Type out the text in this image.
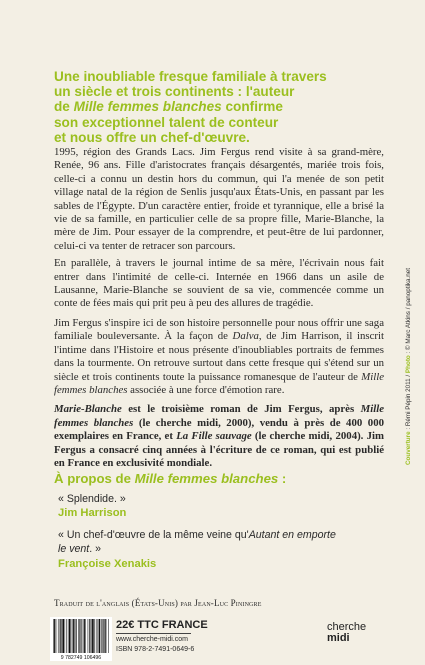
Une inoubliable fresque familiale à travers
un siècle et trois continents : l'auteur
de Mille femmes blanches confirme
son exceptionnel talent de conteur
et nous offre un chef-d'œuvre.

1995, région des Grands Lacs. Jim Fergus rend visite à sa grand-mère, Renée, 96 ans. Fille d'aristocrates français désargentés, mariée trois fois, celle-ci a connu un destin hors du commun, qui l'a menée de son petit village natal de la région de Senlis jusqu'aux États-Unis, en passant par les sables de l'Égypte. D'un caractère entier, froide et tyrannique, elle a brisé la vie de sa famille, en particulier celle de sa propre fille, Marie-Blanche, la mère de Jim. Pour essayer de la comprendre, et peut-être de lui pardonner, celui-ci va tenter de retracer son parcours.

En parallèle, à travers le journal intime de sa mère, l'écrivain nous fait entrer dans l'intimité de celle-ci. Internée en 1966 dans un asile de Lausanne, Marie-Blanche se souvient de sa vie, commencée comme un conte de fées mais qui prit peu à peu des allures de tragédie.

Jim Fergus s'inspire ici de son histoire personnelle pour nous offrir une saga familiale bouleversante. À la façon de Dalva, de Jim Harrison, il inscrit l'intime dans l'Histoire et nous présente d'inoubliables portraits de femmes dans la tourmente. On retrouve surtout dans cette fresque qui s'étend sur un siècle et trois continents toute la puissance romanesque de l'auteur de Mille femmes blanches associée à une force d'émotion rare.

Marie-Blanche est le troisième roman de Jim Fergus, après Mille femmes blanches (le cherche midi, 2000), vendu à près de 400 000 exemplaires en France, et La Fille sauvage (le cherche midi, 2004). Jim Fergus a consacré cinq années à l'écriture de ce roman, qui est publié en France en exclusivité mondiale.

À propos de Mille femmes blanches :
« Splendide. »
Jim Harrison
« Un chef-d'œuvre de la même veine qu'Autant en emporte
le vent. »
Françoise Xenakis
Traduit de l'anglais (États-Unis) par Jean-Luc Piningre
9 782749 106496
22€ TTC FRANCE
www.cherche-midi.com
ISBN 978-2-7491-0649-6
cherche
midi
Couverture : Rémi Pépin 2011 / Photo : © Marc Atkins / panoptika.net
